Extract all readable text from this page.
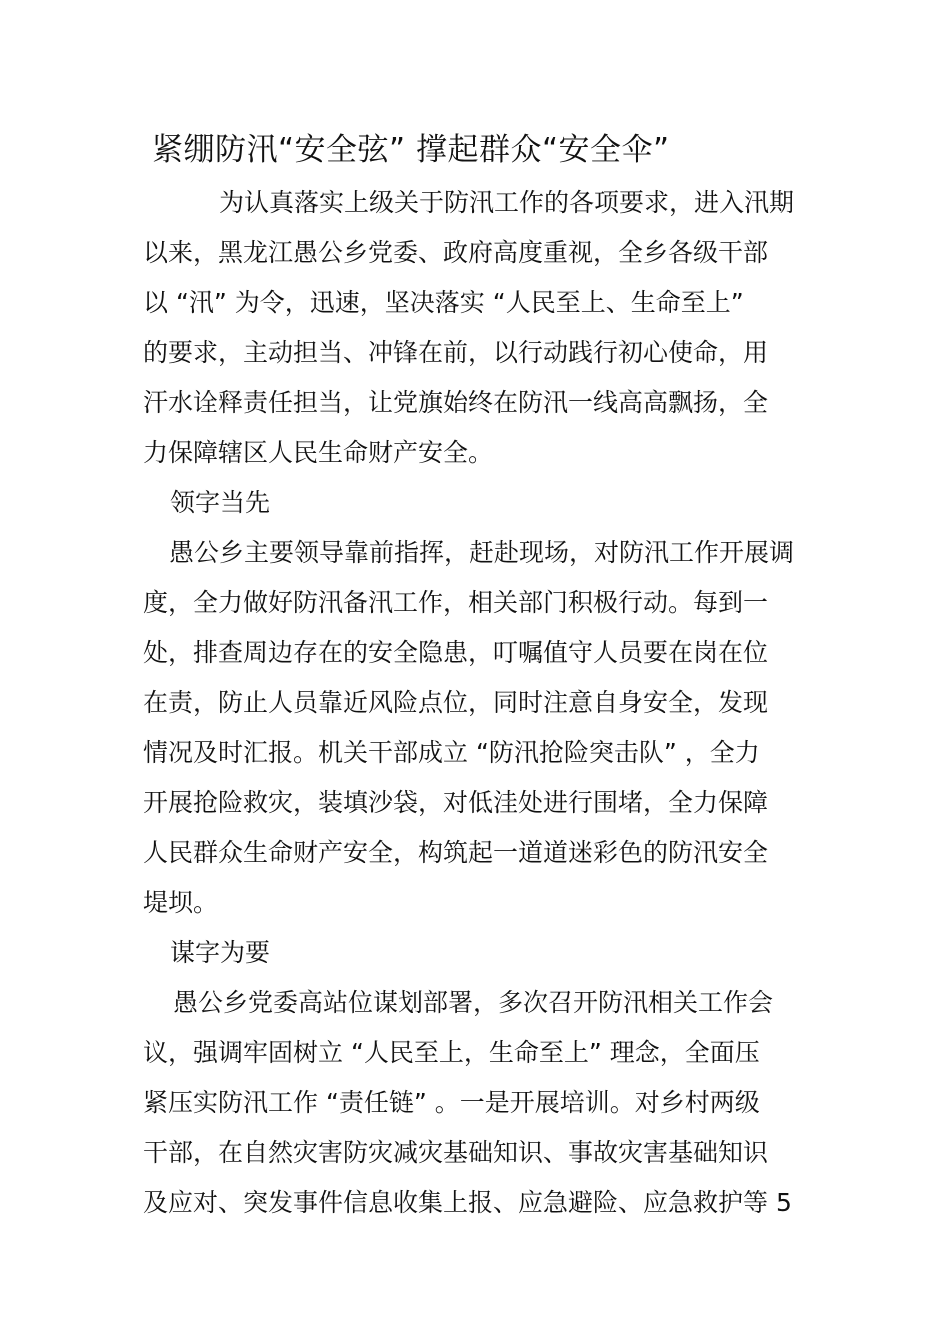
紧绷防汛“安全弦” 撑起群众“安全伞”
为认真落实上级关于防汛工作的各项要求，进入汛期
以来，黑龙江愚公乡党委、政府高度重视，全乡各级干部
以 “汛” 为令，迅速，坚决落实 “人民至上、生命至上”
的要求，主动担当、冲锋在前，以行动践行初心使命，用
汗水诠释责任担当，让党旗始终在防汛一线高高飘扬，全
力保障辖区人民生命财产安全。
领字当先
愚公乡主要领导靠前指挥，赶赴现场，对防汛工作开展调
度，全力做好防汛备汛工作，相关部门积极行动。每到一
处，排查周边存在的安全隐患，叮嘱值守人员要在岗在位
在责，防止人员靠近风险点位，同时注意自身安全，发现
情况及时汇报。机关干部成立 “防汛抢险突击队” ，全力
开展抢险救灾，装填沙袋，对低洼处进行围堵，全力保障
人民群众生命财产安全，构筑起一道道迷彩色的防汛安全
堤坝。
谋字为要
愚公乡党委高站位谋划部署，多次召开防汛相关工作会
议，强调牢固树立 “人民至上，生命至上” 理念，全面压
紧压实防汛工作 “责任链” 。一是开展培训。对乡村两级
干部，在自然灾害防灾减灾基础知识、事故灾害基础知识
及应对、突发事件信息收集上报、应急避险、应急救护等 5
